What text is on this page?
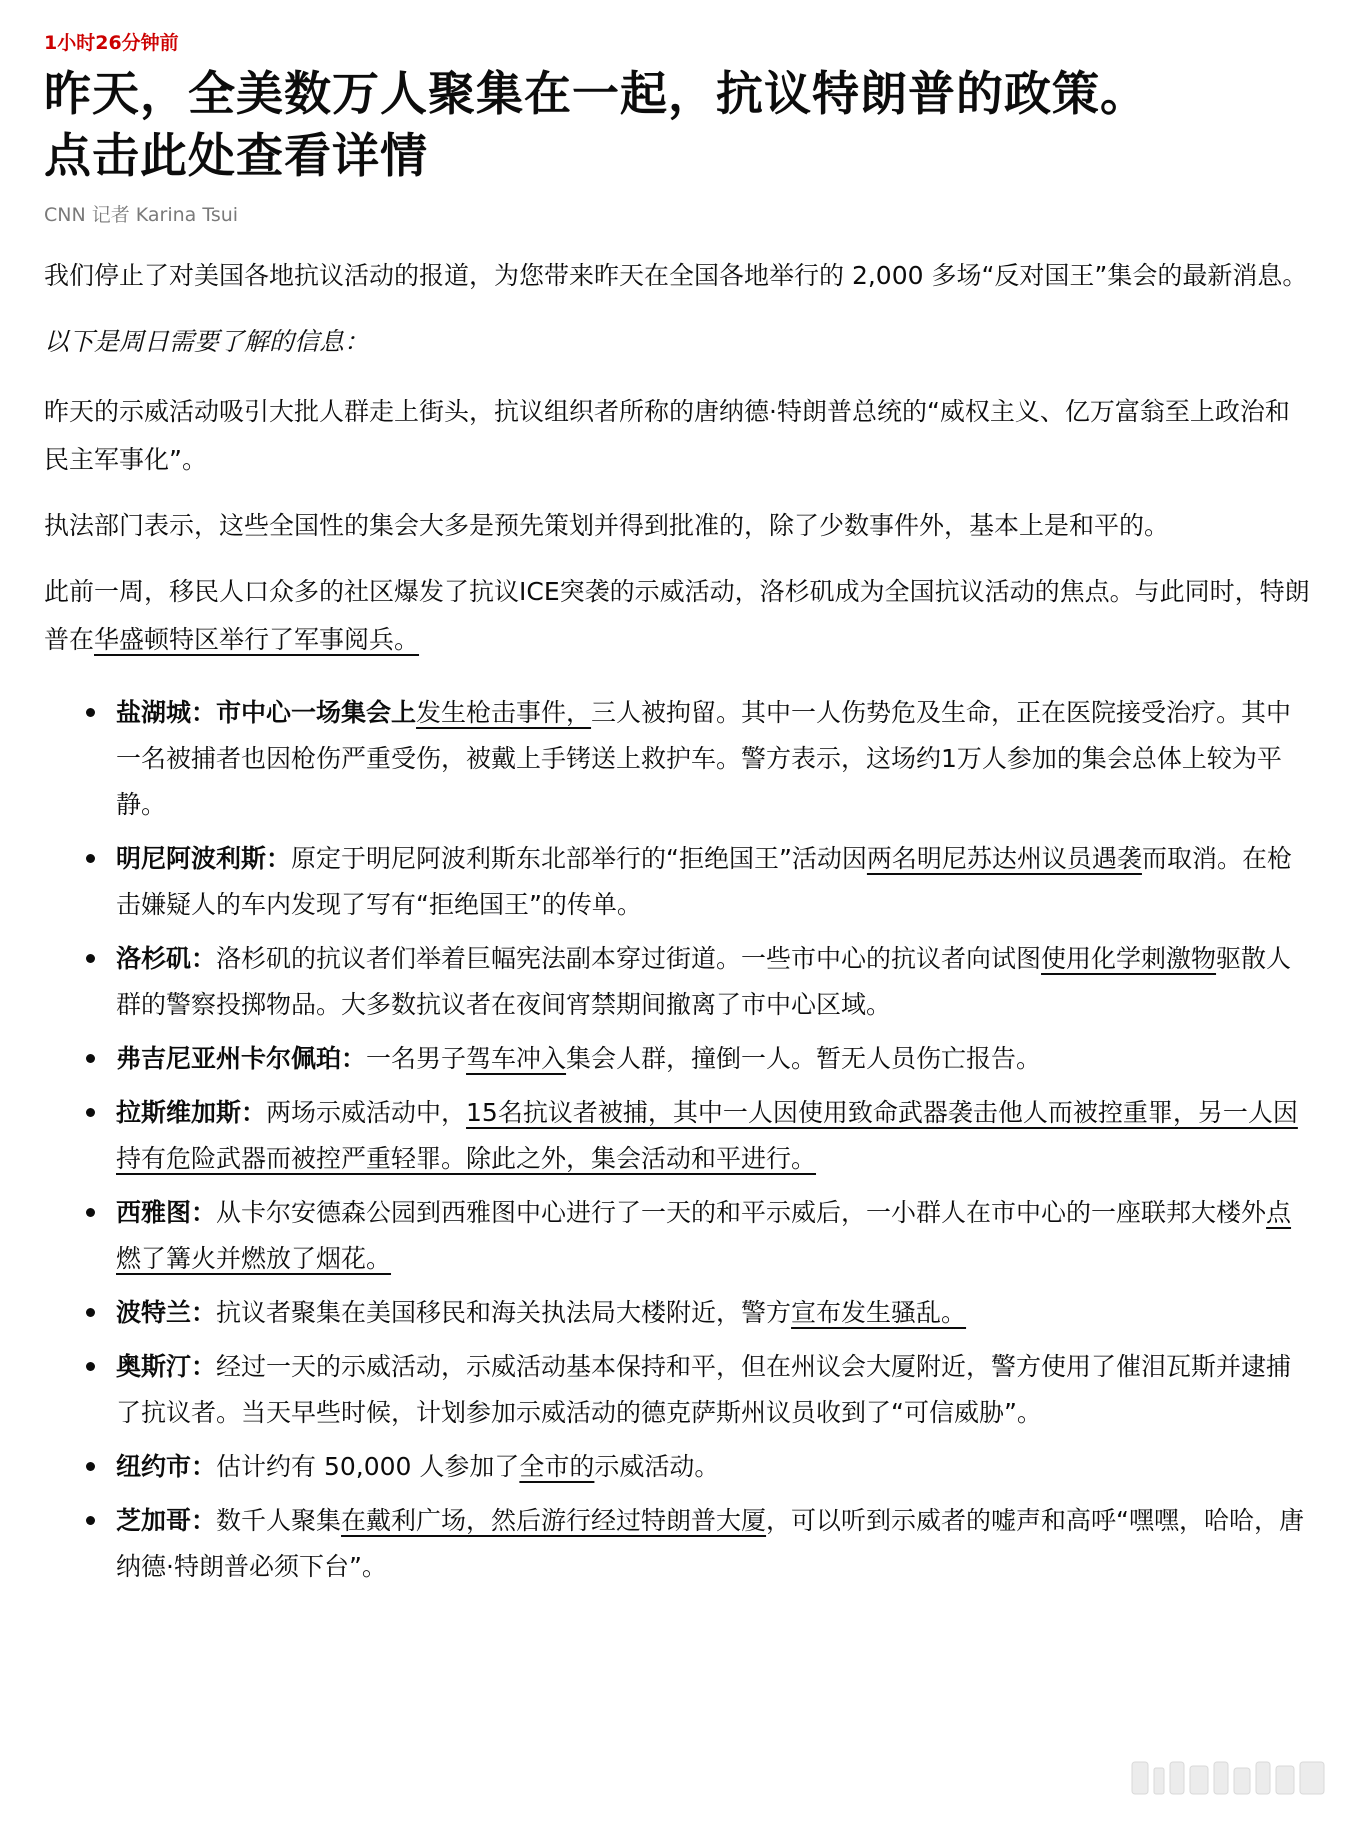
1小时26分钟前
昨天，全美数万人聚集在一起，抗议特朗普的政策。
点击此处查看详情
CNN 记者 Karina Tsui

我们停止了对美国各地抗议活动的报道，为您带来昨天在全国各地举行的 2,000 多场“反对国王”集会的最新消息。

以下是周日需要了解的信息：

昨天的示威活动吸引大批人群走上街头，抗议组织者所称的唐纳德·特朗普总统的“威权主义、亿万富翁至上政治和民主军事化”。

执法部门表示，这些全国性的集会大多是预先策划并得到批准的，除了少数事件外，基本上是和平的。

此前一周，移民人口众多的社区爆发了抗议ICE突袭的示威活动，洛杉矶成为全国抗议活动的焦点。与此同时，特朗普在华盛顿特区举行了军事阅兵。

盐湖城：市中心一场集会上发生枪击事件，三人被拘留。其中一人伤势危及生命，正在医院接受治疗。其中一名被捕者也因枪伤严重受伤，被戴上手铐送上救护车。警方表示，这场约1万人参加的集会总体上较为平静。
明尼阿波利斯：原定于明尼阿波利斯东北部举行的“拒绝国王”活动因两名明尼苏达州议员遇袭而取消。在枪击嫌疑人的车内发现了写有“拒绝国王”的传单。
洛杉矶：洛杉矶的抗议者们举着巨幅宪法副本穿过街道。一些市中心的抗议者向试图使用化学刺激物驱散人群的警察投掷物品。大多数抗议者在夜间宵禁期间撤离了市中心区域。
弗吉尼亚州卡尔佩珀：一名男子驾车冲入集会人群，撞倒一人。暂无人员伤亡报告。
拉斯维加斯：两场示威活动中，15名抗议者被捕，其中一人因使用致命武器袭击他人而被控重罪，另一人因持有危险武器而被控严重轻罪。除此之外，集会活动和平进行。
西雅图：从卡尔安德森公园到西雅图中心进行了一天的和平示威后，一小群人在市中心的一座联邦大楼外点燃了篝火并燃放了烟花。
波特兰：抗议者聚集在美国移民和海关执法局大楼附近，警方宣布发生骚乱。
奥斯汀：经过一天的示威活动，示威活动基本保持和平，但在州议会大厦附近，警方使用了催泪瓦斯并逮捕了抗议者。当天早些时候，计划参加示威活动的德克萨斯州议员收到了“可信威胁”。
纽约市：估计约有 50,000 人参加了全市的示威活动。
芝加哥：数千人聚集在戴利广场，然后游行经过特朗普大厦，可以听到示威者的嘘声和高呼“嘿嘿，哈哈，唐纳德·特朗普必须下台”。
